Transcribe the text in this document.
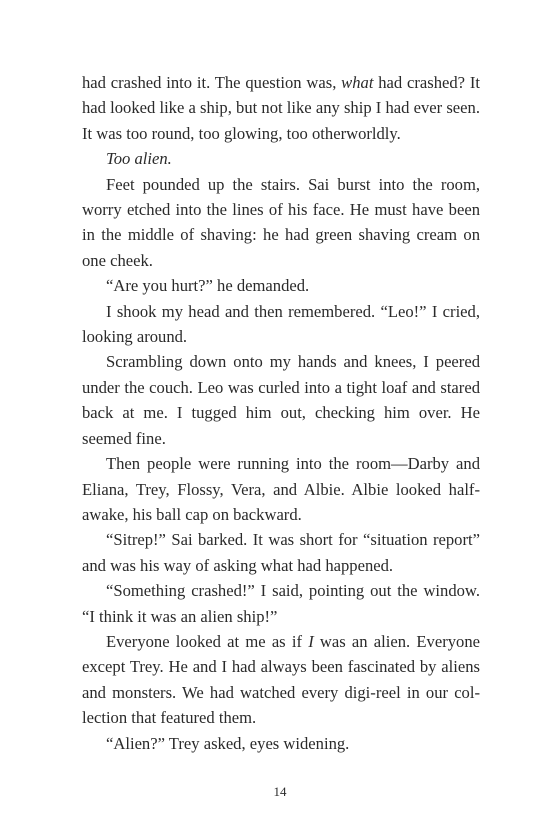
had crashed into it. The question was, what had crashed? It had looked like a ship, but not like any ship I had ever seen. It was too round, too glowing, too otherworldly.

Too alien.

Feet pounded up the stairs. Sai burst into the room, worry etched into the lines of his face. He must have been in the middle of shaving: he had green shaving cream on one cheek.

“Are you hurt?” he demanded.

I shook my head and then remembered. “Leo!” I cried, looking around.

Scrambling down onto my hands and knees, I peered under the couch. Leo was curled into a tight loaf and stared back at me. I tugged him out, checking him over. He seemed fine.

Then people were running into the room—Darby and Eliana, Trey, Flossy, Vera, and Albie. Albie looked half-awake, his ball cap on backward.

“Sitrep!” Sai barked. It was short for “situation report” and was his way of asking what had happened.

“Something crashed!” I said, pointing out the window. “I think it was an alien ship!”

Everyone looked at me as if I was an alien. Everyone except Trey. He and I had always been fascinated by aliens and monsters. We had watched every digi-reel in our collection that featured them.

“Alien?” Trey asked, eyes widening.

14
